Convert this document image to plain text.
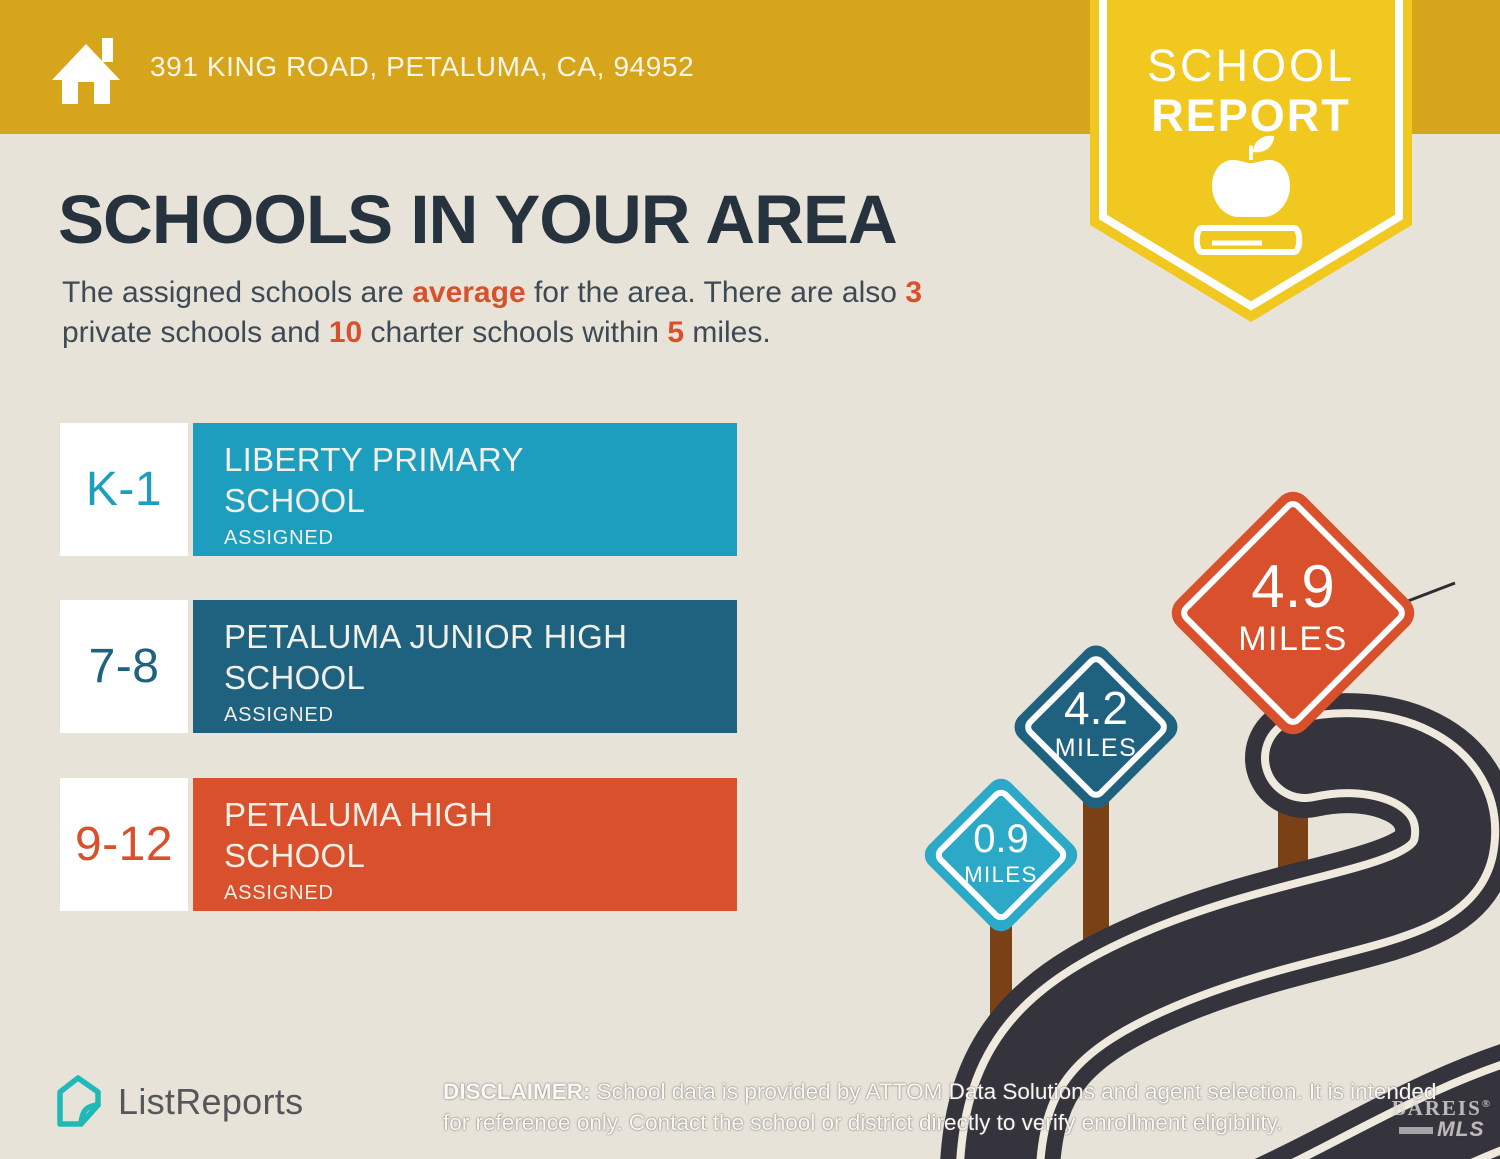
391 KING ROAD, PETALUMA, CA, 94952	SCHOOL
REPORT
SCHOOLS IN YOUR AREA

The assigned schools are average for the area. There are also 3
private schools and 10 charter schools within 5 miles.

K-1
LIBERTY PRIMARY
SCHOOL
ASSIGNED
7-8
PETALUMA JUNIOR HIGH
SCHOOL
ASSIGNED
9-12
PETALUMA HIGH
SCHOOL
ASSIGNED
0.9
MILES
4.2
MILES
4.9
MILES
ListReports	DISCLAIMER: School data is provided by ATTOM Data Solutions and agent selection. It is intended
for reference only. Contact the school or district directly to verify enrollment eligibility.
BAREIS®
MLS
